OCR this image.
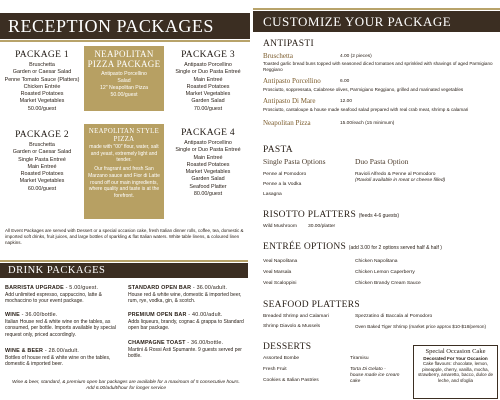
RECEPTION PACKAGES
PACKAGE 1
Bruschetta
Garden or Caesar Salad
Penne Tomato Sauce (Platters)
Chicken Entrée
Roasted Potatoes
Market Vegetables
50.00/guest
NEAPOLITAN
PIZZA PACKAGE
Antipasto Porcellino
Salad
12" Neapolitan Pizza
50.00/guest
PACKAGE 3
Antipasto Porcellino
Single or Duo Pasta Entreé
Main Entreé
Roasted Potatoes
Market Vegetables
Garden Salad
70.00/guest
PACKAGE 2
Bruschetta
Garden or Caesar Salad
Single Pasta Entreé
Main Entreé
Roasted Potatoes
Market Vegetables
60.00/guest
NEAPOLITAN STYLE
PIZZA
made with "00" flour, water, salt and yeast, extremely light and tender.
Our fragrant and fresh San Marzano sauce and Fior di Latte round off our main ingredients, where quality and taste is at the forefront.
PACKAGE 4
Antipasto Porcellino
Single or Duo Pasta Entreé
Main Entreé
Roasted Potatoes
Market Vegetables
Garden Salad
Seafood Platter
80.00/guest
All Event Packages are served with Dessert or a special occasion cake, fresh Italian dinner rolls, coffee, tea, domestic & imported soft drinks, fruit juices, and large bottles of sparkling & flat Italian waters. White table linens, & coloured linen napkins.
DRINK PACKAGES
BARRISTA UPGRADE - 5.00/guest.
Add unlimited espresso, cappuccino, latte & mochaccino to your event package.
WINE - 36.00/bottle.
Italian House red & white wine on the tables, as consumed, per bottle. Imports available by special request only, priced accordingly.
WINE & BEER - 28.00/adult.
Bottles of house red & white wine on the tables, domestic & imported beer.
STANDARD OPEN BAR - 36.00/adult.
House red & white wine, domestic & imported beer, rum, rye, vodka, gin, & scotch.
PREMIUM OPEN BAR - 40.00/adult.
Adds liqueurs, brandy, cognac & grappa to Standard open bar package.
CHAMPAGNE TOAST - 36.00/bottle.
Martini & Rossi Asti Spumante. 9 guests served per bottle.
Wine & beer, standard, & premium open bar packages are available for a maximum of 5 consecutive hours. Add 6.00/adult/hour for longer service
CUSTOMIZE YOUR PACKAGE
ANTIPASTI
Bruschetta	4.00 (2 pieces)
Toasted garlic bread buns topped with seasoned diced tomatoes and sprinkled with shavings of aged Parmigiano Reggiano
Antipasto Porcellino	6.00
Prosciutto, soppressata, Calabrese olives, Parmigiano Reggiano, grilled and marinated vegetables
Antipasto Di Mare	12.00
Prosciutto, cantaloupe & house made seafood salad prepared with real crab meat, shrimp & calamari
Neapolitan Pizza	15.00/each (15 minimum)
PASTA
Single Pasta Options	Duo Pasta Option
Penne al Pomodoro
Penne a la Vodka
Lasagna
Ravioli Alfredo & Penne al Pomodoro
(Ravioli available in meat or cheese filled)
RISOTTO PLATTERS (feeds 4-6 guests)
Wild Mushroom 30.00/platter
ENTRÉE OPTIONS (add 3.00 for 2 options served half & half )
Veal Napolitana
Veal Marsala
Veal Scaloppini
Chicken Napolitana
Chicken Lemon Caperberry
Chicken Brandy Cream Sauce
SEAFOOD PLATTERS
Breaded Shrimp and Calamari
Shrimp Diavolo & Mussels
Spezzatino di Baccala al Pomodoro
Oven Baked Tiger Shrimp (market price approx $10-$18/person)
DESSERTS
Assorted Bombe
Fresh Fruit
Cookies & Italian Pastries
Tiramisu
Torta Di Gelato - house made ice cream cake
Special Occasion Cake
Decorated For Your Occasion
Cake flavours: chocolate, lemon, pineapple, cherry, vanilla, mocha, strawberry, amaretto, bacco, dulce de leche, and sfoglia
